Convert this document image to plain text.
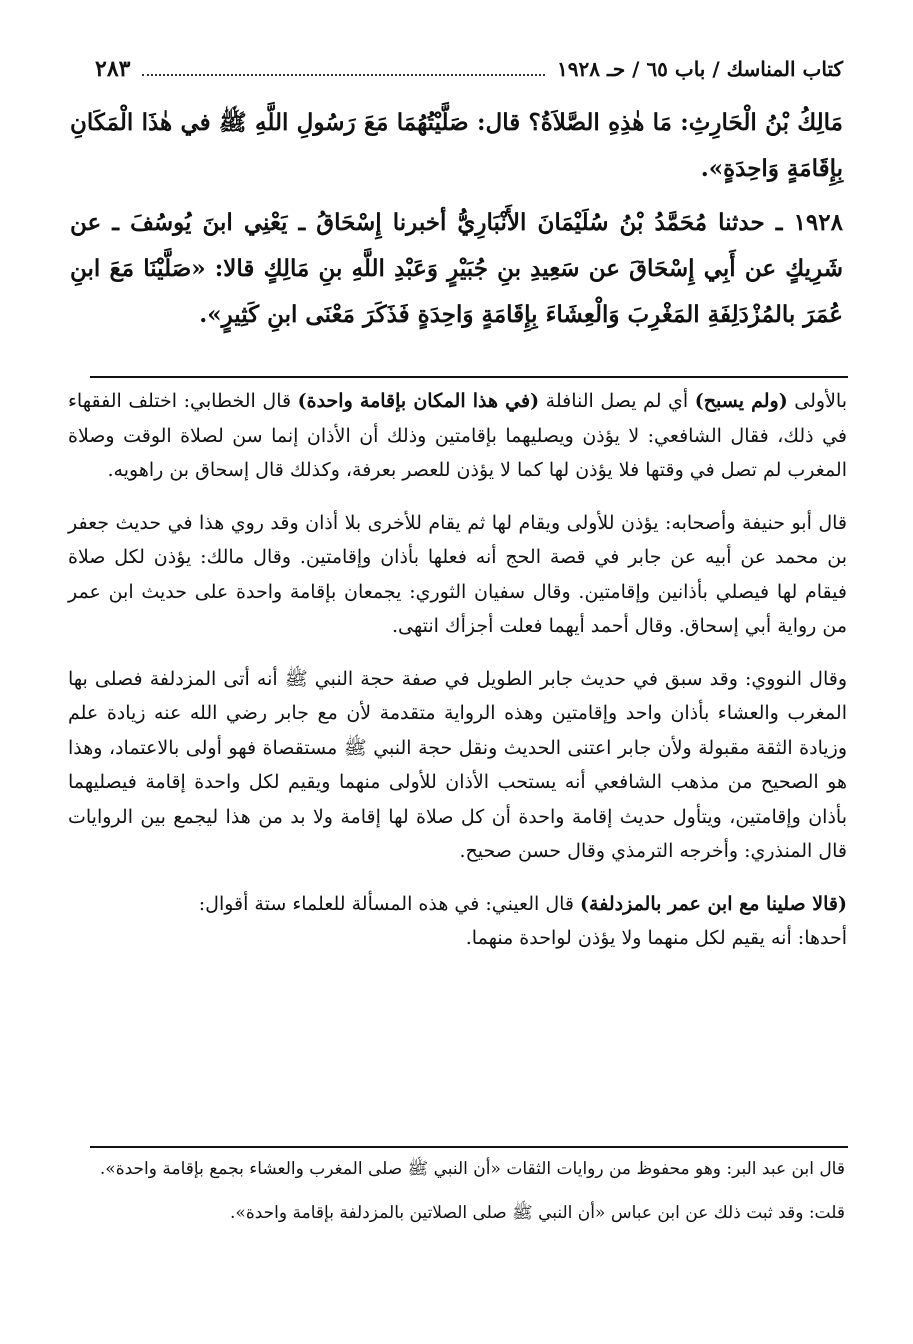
كتاب المناسك / باب ٦٥ / حـ ١٩٢٨
٢٨٣

مَالِكُ بْنُ الْحَارِثِ: مَا هٰذِهِ الصَّلاَةُ؟ قال: صَلَّيْتُهُمَا مَعَ رَسُولِ اللَّهِ ﷺ في هٰذَا الْمَكَانِ بِإِقَامَةٍ وَاحِدَةٍ».

١٩٢٨ ـ حدثنا مُحَمَّدُ بْنُ سُلَيْمَانَ الأَنْبَارِيُّ أخبرنا إِسْحَاقُ ـ يَعْنِي ابنَ يُوسُفَ ـ عن شَرِيكٍ عن أَبِي إِسْحَاقَ عن سَعِيدِ بنِ جُبَيْرٍ وَعَبْدِ اللَّهِ بنِ مَالِكٍ قالا: «صَلَّيْنَا مَعَ ابنِ عُمَرَ بالمُزْدَلِفَةِ المَغْرِبَ وَالْعِشَاءَ بِإِقَامَةٍ وَاحِدَةٍ فَذَكَرَ مَعْنَى ابنِ كَثِيرٍ».

بالأولى (ولم يسبح) أي لم يصل النافلة (في هذا المكان بإقامة واحدة) قال الخطابي: اختلف الفقهاء في ذلك، فقال الشافعي: لا يؤذن ويصليهما بإقامتين وذلك أن الأذان إنما سن لصلاة الوقت وصلاة المغرب لم تصل في وقتها فلا يؤذن لها كما لا يؤذن للعصر بعرفة، وكذلك قال إسحاق بن راهويه.

قال أبو حنيفة وأصحابه: يؤذن للأولى ويقام لها ثم يقام للأخرى بلا أذان وقد روي هذا في حديث جعفر بن محمد عن أبيه عن جابر في قصة الحج أنه فعلها بأذان وإقامتين. وقال مالك: يؤذن لكل صلاة فيقام لها فيصلي بأذانين وإقامتين. وقال سفيان الثوري: يجمعان بإقامة واحدة على حديث ابن عمر من رواية أبي إسحاق. وقال أحمد أيهما فعلت أجزأك انتهى.

وقال النووي: وقد سبق في حديث جابر الطويل في صفة حجة النبي ﷺ أنه أتى المزدلفة فصلى بها المغرب والعشاء بأذان واحد وإقامتين وهذه الرواية متقدمة لأن مع جابر رضي الله عنه زيادة علم وزيادة الثقة مقبولة ولأن جابر اعتنى الحديث ونقل حجة النبي ﷺ مستقصاة فهو أولى بالاعتماد، وهذا هو الصحيح من مذهب الشافعي أنه يستحب الأذان للأولى منهما ويقيم لكل واحدة إقامة فيصليهما بأذان وإقامتين، ويتأول حديث إقامة واحدة أن كل صلاة لها إقامة ولا بد من هذا ليجمع بين الروايات قال المنذري: وأخرجه الترمذي وقال حسن صحيح.

(قالا صلينا مع ابن عمر بالمزدلفة) قال العيني: في هذه المسألة للعلماء ستة أقوال:

أحدها: أنه يقيم لكل منهما ولا يؤذن لواحدة منهما.

قال ابن عبد البر: وهو محفوظ من روايات الثقات «أن النبي ﷺ صلى المغرب والعشاء بجمع بإقامة واحدة».

قلت: وقد ثبت ذلك عن ابن عباس «أن النبي ﷺ صلى الصلاتين بالمزدلفة بإقامة واحدة».
